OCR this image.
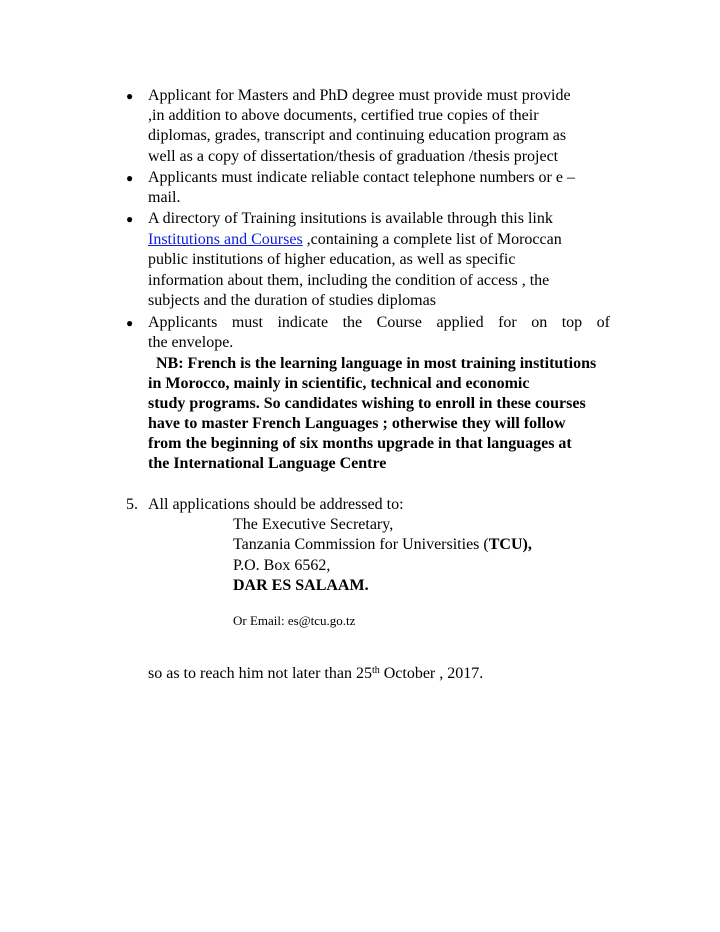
● Applicant for Masters and PhD degree must provide must provide
,in addition to above documents, certified true copies of their
diplomas, grades, transcript and continuing education program as
well as a copy of dissertation/thesis of graduation /thesis project
● Applicants must indicate reliable contact telephone numbers or e –
mail.
● A directory of Training insitutions is available through this link
Institutions and Courses ,containing a complete list of Moroccan
public institutions of higher education, as well as specific
information about them, including the condition of access , the
subjects and the duration of studies diplomas
● Applicants must indicate the Course applied for on top of
the envelope.
NB: French is the learning language in most training institutions
in Morocco, mainly in scientific, technical and economic
study programs. So candidates wishing to enroll in these courses
have to master French Languages ; otherwise they will follow
from the beginning of six months upgrade in that languages at
the International Language Centre
5. All applications should be addressed to:
The Executive Secretary,
Tanzania Commission for Universities (TCU),
P.O. Box 6562,
DAR ES SALAAM.
Or Email: es@tcu.go.tz
so as to reach him not later than 25th October , 2017.
